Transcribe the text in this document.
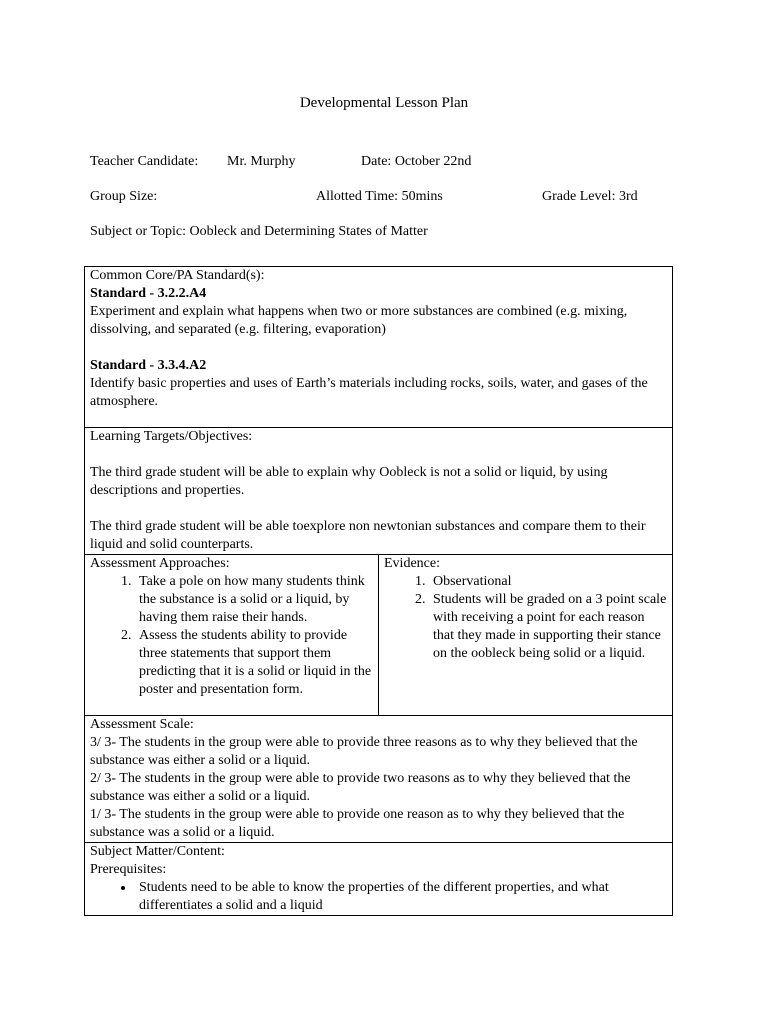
Developmental Lesson Plan
Teacher Candidate: Mr. Murphy	Date: October 22nd
Group Size:	Allotted Time: 50mins	Grade Level: 3rd
Subject or Topic: Oobleck and Determining States of Matter

Common Core/PA Standard(s):

Standard - 3.2.2.A4

Experiment and explain what happens when two or more substances are combined (e.g. mixing, dissolving, and separated (e.g. filtering, evaporation)

Standard - 3.3.4.A2

Identify basic properties and uses of Earth’s materials including rocks, soils, water, and gases of the atmosphere.

Learning Targets/Objectives:

The third grade student will be able to explain why Oobleck is not a solid or liquid, by using descriptions and properties.

The third grade student will be able toexplore non newtonian substances and compare them to their liquid and solid counterparts.

Assessment Approaches:

1. Take a pole on how many students think the substance is a solid or a liquid, by having them raise their hands.
2. Assess the students ability to provide three statements that support them predicting that it is a solid or liquid in the poster and presentation form.

Evidence:

1. Observational
2. Students will be graded on a 3 point scale with receiving a point for each reason that they made in supporting their stance on the oobleck being solid or a liquid.

Assessment Scale:

3/ 3- The students in the group were able to provide three reasons as to why they believed that the substance was either a solid or a liquid.

2/ 3- The students in the group were able to provide two reasons as to why they believed that the substance was either a solid or a liquid.

1/ 3- The students in the group were able to provide one reason as to why they believed that the substance was a solid or a liquid.

Subject Matter/Content:

Prerequisites:

• Students need to be able to know the properties of the different properties, and what differentiates a solid and a liquid
